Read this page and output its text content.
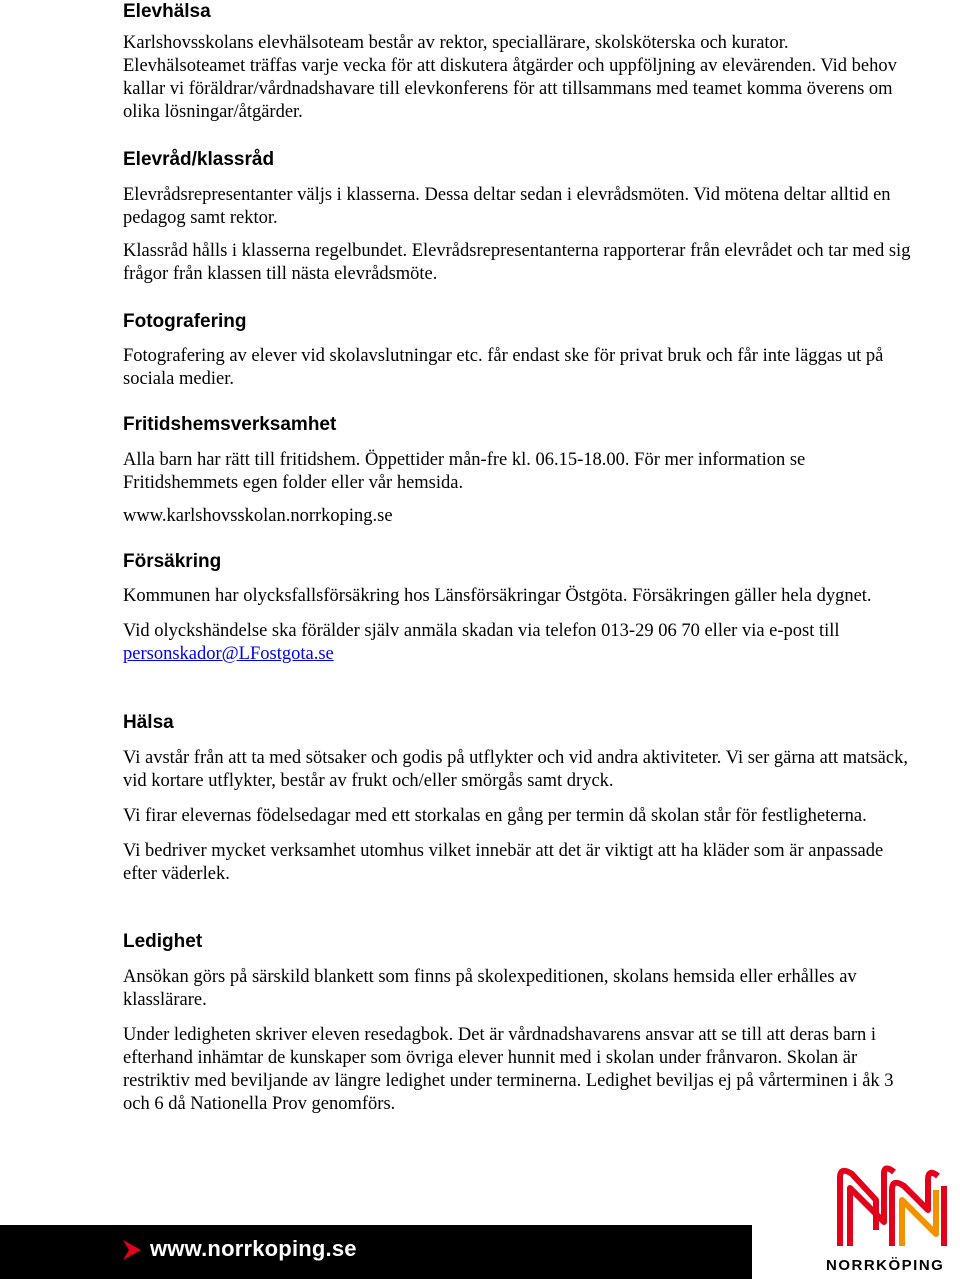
Elevhälsa

Karlshovsskolans elevhälsoteam består av rektor, speciallärare, skolsköterska och kurator. Elevhälsoteamet träffas varje vecka för att diskutera åtgärder och uppföljning av elevärenden. Vid behov kallar vi föräldrar/vårdnadshavare till elevkonferens för att tillsammans med teamet komma överens om olika lösningar/åtgärder.

Elevråd/klassråd

Elevrådsrepresentanter väljs i klasserna. Dessa deltar sedan i elevrådsmöten. Vid mötena deltar alltid en pedagog samt rektor.

Klassråd hålls i klasserna regelbundet. Elevrådsrepresentanterna rapporterar från elevrådet och tar med sig frågor från klassen till nästa elevrådsmöte.

Fotografering

Fotografering av elever vid skolavslutningar etc. får endast ske för privat bruk och får inte läggas ut på sociala medier.

Fritidshemsverksamhet

Alla barn har rätt till fritidshem. Öppettider mån-fre kl. 06.15-18.00. För mer information se Fritidshemmets egen folder eller vår hemsida.

www.karlshovsskolan.norrkoping.se

Försäkring

Kommunen har olycksfallsförsäkring hos Länsförsäkringar Östgöta. Försäkringen gäller hela dygnet.

Vid olyckshändelse ska förälder själv anmäla skadan via telefon 013-29 06 70 eller via e-post till personskador@LFostgota.se

Hälsa

Vi avstår från att ta med sötsaker och godis på utflykter och vid andra aktiviteter. Vi ser gärna att matsäck, vid kortare utflykter, består av frukt och/eller smörgås samt dryck.

Vi firar elevernas födelsedagar med ett storkalas en gång per termin då skolan står för festligheterna.

Vi bedriver mycket verksamhet utomhus vilket innebär att det är viktigt att ha kläder som är anpassade efter väderlek.

Ledighet

Ansökan görs på särskild blankett som finns på skolexpeditionen, skolans hemsida eller erhålles av klasslärare.

Under ledigheten skriver eleven resedagbok. Det är vårdnadshavarens ansvar att se till att deras barn i efterhand inhämtar de kunskaper som övriga elever hunnit med i skolan under frånvaron. Skolan är restriktiv med beviljande av längre ledighet under terminerna. Ledighet beviljas ej på vårterminen i åk 3 och 6 då Nationella Prov genomförs.

www.norrkoping.se
NORRKÖPING
